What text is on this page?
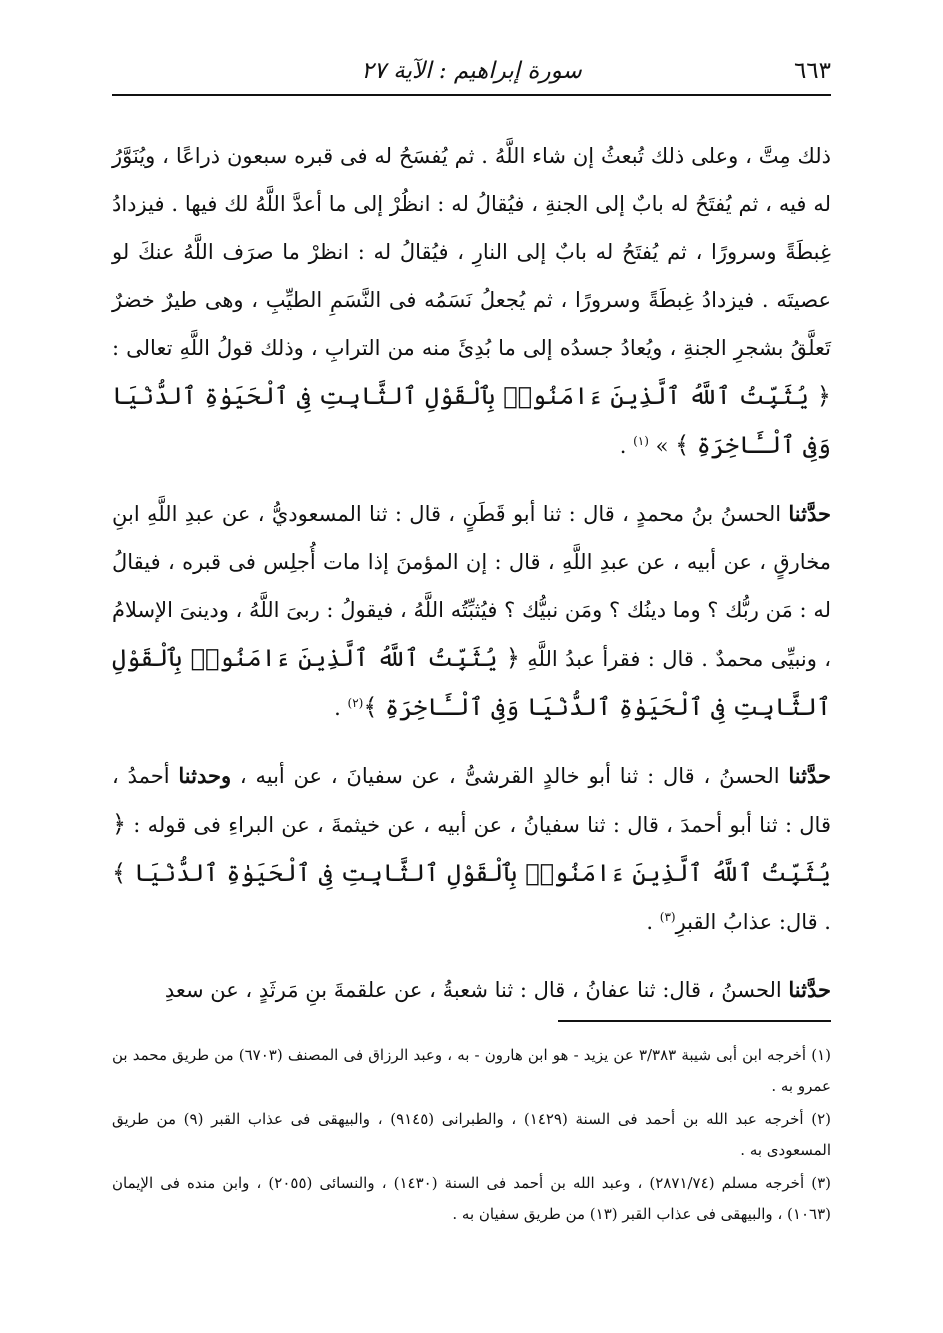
سورة إبراهيم : الآية ٢٧	٦٦٣

ذلك مِتَّ ، وعلى ذلك تُبعثُ إن شاء اللَّهُ . ثم يُفسَحُ له فى قبره سبعون ذراعًا ، ويُنَوَّرُ له فيه ، ثم يُفتَحُ له بابٌ إلى الجنةِ ، فيُقالُ له : انظُرْ إلى ما أعدَّ اللَّهُ لك فيها . فيزدادُ غِبطَةً وسرورًا ، ثم يُفتَحُ له بابٌ إلى النارِ ، فيُقالُ له : انظرْ ما صرَف اللَّهُ عنكَ لو عصيتَه . فيزدادُ غِبطَةً وسرورًا ، ثم يُجعلُ نَسَمُه فى النَّسَمِ الطيِّبِ ، وهى طيرٌ خضرٌ تَعلَّقُ بشجرِ الجنةِ ، ويُعادُ جسدُه إلى ما بُدِئَ منه من الترابِ ، وذلك قولُ اللَّهِ تعالى : ﴿ يُثَبِّتُ ٱللَّهُ ٱلَّذِينَ ءَامَنُوا۟ بِٱلْقَوْلِ ٱلثَّابِتِ فِى ٱلْحَيَوٰةِ ٱلدُّنْيَا وَفِى ٱلْـَٔاخِرَةِ ﴾ » $^{(١)}$ .

حدَّثنا الحسنُ بنُ محمدٍ ، قال : ثنا أبو قَطَنٍ ، قال : ثنا المسعوديُّ ، عن عبدِ اللَّهِ ابنِ مخارقٍ ، عن أبيه ، عن عبدِ اللَّهِ ، قال : إن المؤمنَ إذا مات أُجلِس فى قبره ، فيقالُ له : مَن ربُّك ؟ وما دينُك ؟ ومَن نبيُّك ؟ فيُثبِّتُه اللَّهُ ، فيقولُ : ربىَ اللَّهُ ، ودينىَ الإسلامُ ، ونبيِّى محمدٌ . قال : فقرأ عبدُ اللَّهِ ﴿ يُثَبِّتُ ٱللَّهُ ٱلَّذِينَ ءَامَنُوا۟ بِٱلْقَوْلِ ٱلثَّابِتِ فِى ٱلْحَيَوٰةِ ٱلدُّنْيَا وَفِى ٱلْـَٔاخِرَةِ ﴾$^{(٢)}$ .

حدَّثنا الحسنُ ، قال : ثنا أبو خالدٍ القرشىُّ ، عن سفيانَ ، عن أبيه ، وحدثنا أحمدُ ، قال : ثنا أبو أحمدَ ، قال : ثنا سفيانُ ، عن أبيه ، عن خيثمةَ ، عن البراءِ فى قوله : ﴿ يُثَبِّتُ ٱللَّهُ ٱلَّذِينَ ءَامَنُوا۟ بِٱلْقَوْلِ ٱلثَّابِتِ فِى ٱلْحَيَوٰةِ ٱلدُّنْيَا ﴾ . قال: عذابُ القبرِ$^{(٣)}$ .

حدَّثنا الحسنُ ، قال: ثنا عفانُ ، قال : ثنا شعبةُ ، عن علقمةَ بنِ مَرثَدٍ ، عن سعدِ

(١) أخرجه ابن أبى شيبة ٣/٣٨٣ عن يزيد - هو ابن هارون - به ، وعبد الرزاق فى المصنف (٦٧٠٣) من طريق محمد بن عمرو به .

(٢) أخرجه عبد الله بن أحمد فى السنة (١٤٢٩) ، والطبرانى (٩١٤٥) ، والبيهقى فى عذاب القبر (٩) من طريق المسعودى به .

(٣) أخرجه مسلم (٢٨٧١/٧٤) ، وعبد الله بن أحمد فى السنة (١٤٣٠) ، والنسائى (٢٠٥٥) ، وابن منده فى الإيمان (١٠٦٣) ، والبيهقى فى عذاب القبر (١٣) من طريق سفيان به .
